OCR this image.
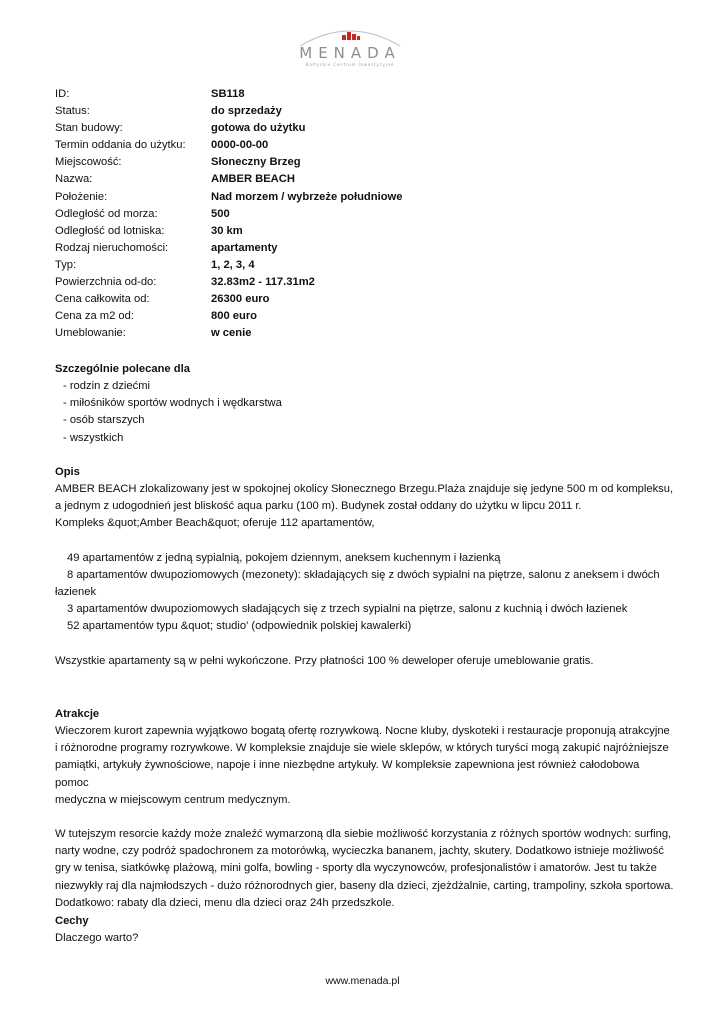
MENADA
Bałtyckie Centrum Inwestycyjne
ID:	SB118
Status:	do sprzedaży
Stan budowy:	gotowa do użytku
Termin oddania do użytku:	0000-00-00
Miejscowość:	Słoneczny Brzeg
Nazwa:	AMBER BEACH
Położenie:	Nad morzem / wybrzeże południowe
Odległość od morza:	500
Odległość od lotniska:	30 km
Rodzaj nieruchomości:	apartamenty
Typ:	1, 2, 3, 4
Powierzchnia od-do:	32.83m2 - 117.31m2
Cena całkowita od:	26300 euro
Cena za m2 od:	800 euro
Umeblowanie:	w cenie
Szczególnie polecane dla
- rodzin z dziećmi
- miłośników sportów wodnych i wędkarstwa
- osób starszych
- wszystkich
Opis
AMBER BEACH zlokalizowany jest w spokojnej okolicy Słonecznego Brzegu.Plaża znajduje się jedyne 500 m od kompleksu,
a jednym z udogodnień jest bliskość aqua parku (100 m). Budynek został oddany do użytku w lipcu 2011 r.
Kompleks &quot;Amber Beach&quot; oferuje 112 apartamentów,
49 apartamentów z jedną sypialnią, pokojem dziennym, aneksem kuchennym i łazienką
8 apartamentów dwupoziomowych (mezonety): składających się z dwóch sypialni na piętrze, salonu z aneksem i dwóch
łazienek
3 apartamentów dwupoziomowych sładających się z trzech sypialni na piętrze, salonu z kuchnią i dwóch łazienek
52 apartamentów typu &quot; studio' (odpowiednik polskiej kawalerki)
Wszystkie apartamenty są w pełni wykończone. Przy płatności 100 % deweloper oferuje umeblowanie gratis.
Atrakcje
Wieczorem kurort zapewnia wyjątkowo bogatą ofertę rozrywkową. Nocne kluby, dyskoteki i restauracje proponują atrakcyjne
i różnorodne programy rozrywkowe. W kompleksie znajduje sie wiele sklepów, w których turyści mogą zakupić najróżniejsze
pamiątki, artykuły żywnościowe, napoje i inne niezbędne artykuły. W kompleksie zapewniona jest również całodobowa pomoc
medyczna w miejscowym centrum medycznym.
W tutejszym resorcie każdy może znaleźć wymarzoną dla siebie możliwość korzystania z różnych sportów wodnych: surfing,
narty wodne, czy podróż spadochronem za motorówką, wycieczka bananem, jachty, skutery. Dodatkowo istnieje możliwość
gry w tenisa, siatkówkę plażową, mini golfa, bowling - sporty dla wyczynowców, profesjonalistów i amatorów. Jest tu także
niezwykły raj dla najmłodszych - dużo różnorodnych gier, baseny dla dzieci, zjeżdżalnie, carting, trampoliny, szkoła sportowa.
Dodatkowo: rabaty dla dzieci, menu dla dzieci oraz 24h przedszkole.
Cechy
Dlaczego warto?
www.menada.pl
